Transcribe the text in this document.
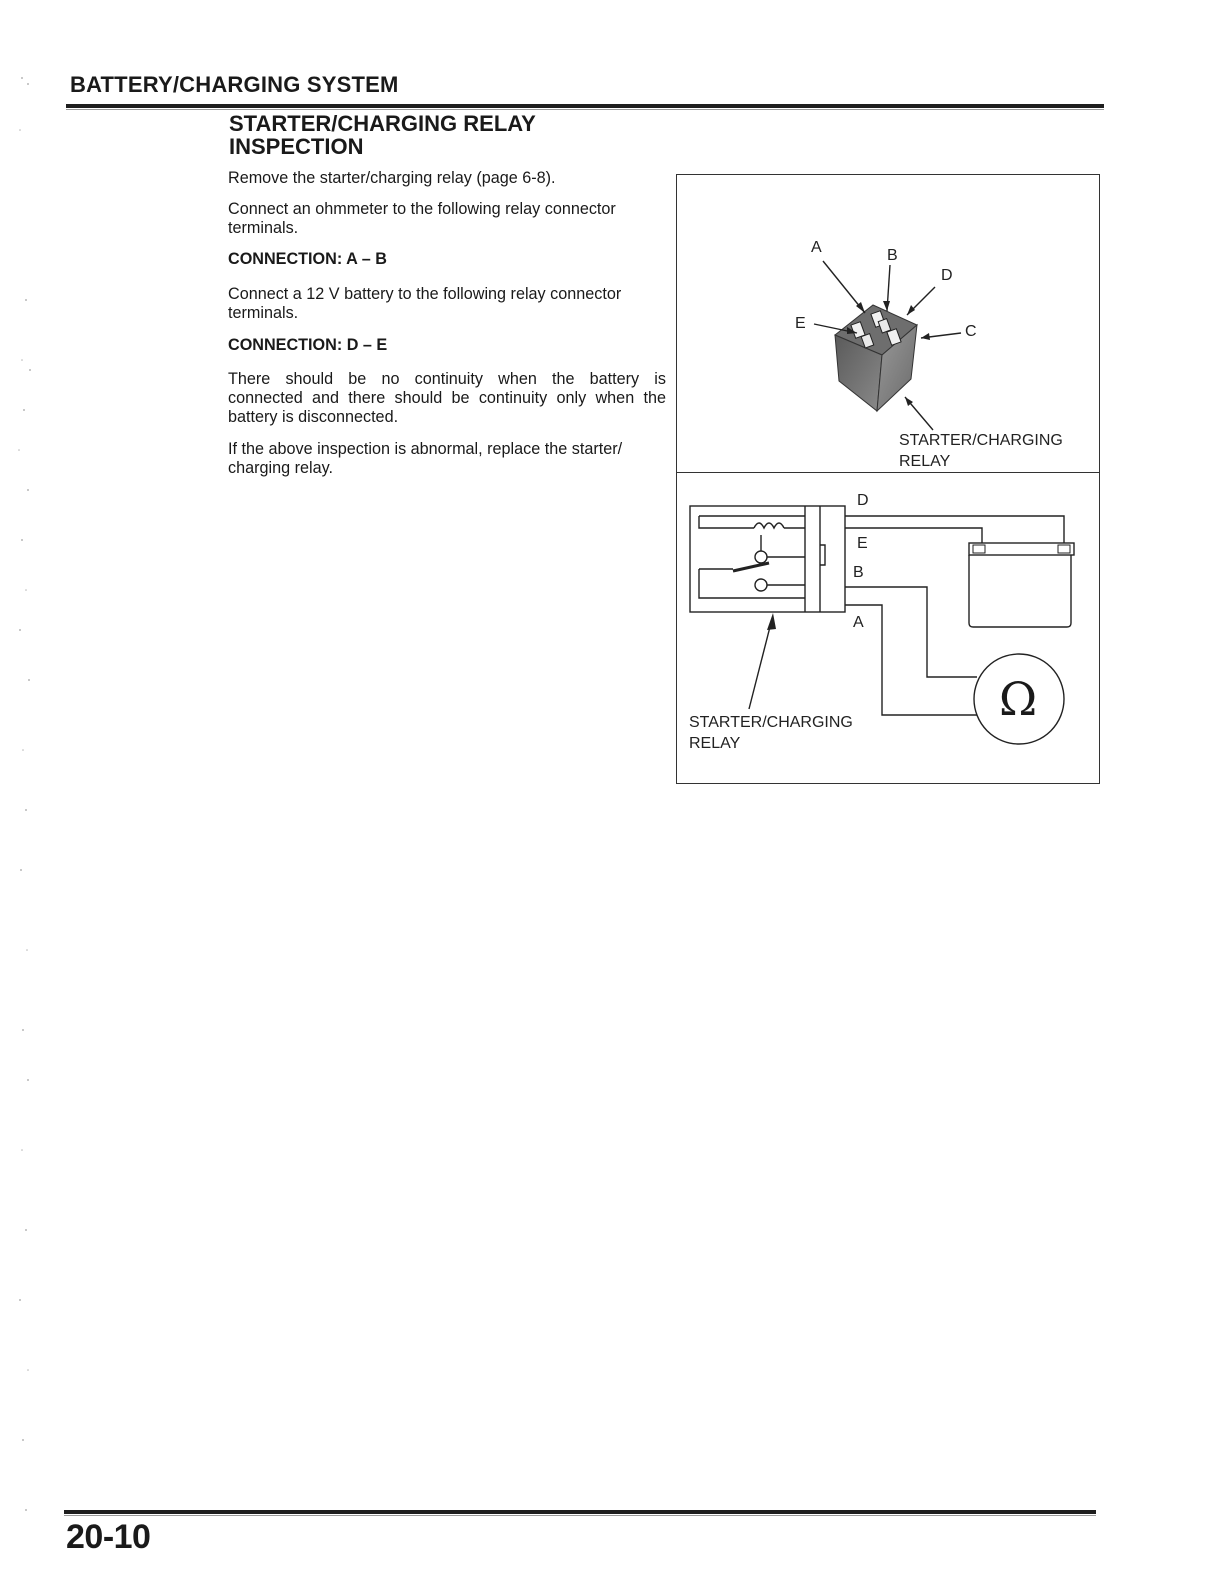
BATTERY/CHARGING SYSTEM
STARTER/CHARGING RELAY
INSPECTION
Remove the starter/charging relay (page 6-8).
Connect an ohmmeter to the following relay connector
terminals.
CONNECTION: A – B
Connect a 12 V battery to the following relay connector
terminals.
CONNECTION: D – E
There should be no continuity when the battery is
connected and there should be continuity only when the
battery is disconnected.
If the above inspection is abnormal, replace the starter/
charging relay.
A	B
D
E	C
STARTER/CHARGING
RELAY
D
E
B
A
Ω
STARTER/CHARGING
RELAY
20-10
